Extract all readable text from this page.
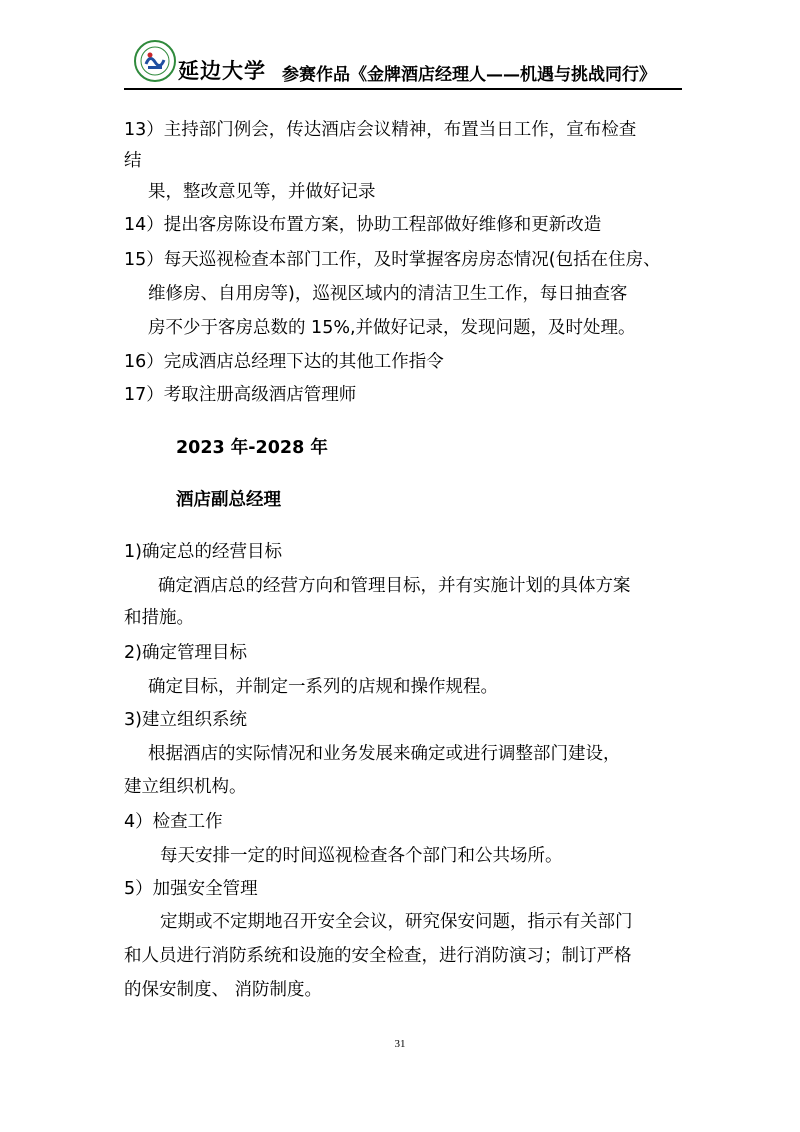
延边大学 参赛作品《金牌酒店经理人——机遇与挑战同行》
13）主持部门例会，传达酒店会议精神，布置当日工作，宣布检查
结
果，整改意见等，并做好记录
14）提出客房陈设布置方案，协助工程部做好维修和更新改造
15）每天巡视检查本部门工作，及时掌握客房房态情况(包括在住房、
维修房、自用房等)，巡视区域内的清洁卫生工作，每日抽查客
房不少于客房总数的 15%,并做好记录，发现问题，及时处理。
16）完成酒店总经理下达的其他工作指令
17）考取注册高级酒店管理师
2023 年-2028 年
酒店副总经理
1)确定总的经营目标
确定酒店总的经营方向和管理目标，并有实施计划的具体方案
和措施。
2)确定管理目标
确定目标，并制定一系列的店规和操作规程。
3)建立组织系统
根据酒店的实际情况和业务发展来确定或进行调整部门建设，
建立组织机构。
4）检查工作
每天安排一定的时间巡视检查各个部门和公共场所。
5）加强安全管理
定期或不定期地召开安全会议，研究保安问题，指示有关部门
和人员进行消防系统和设施的安全检查，进行消防演习；制订严格
的保安制度、 消防制度。
31
